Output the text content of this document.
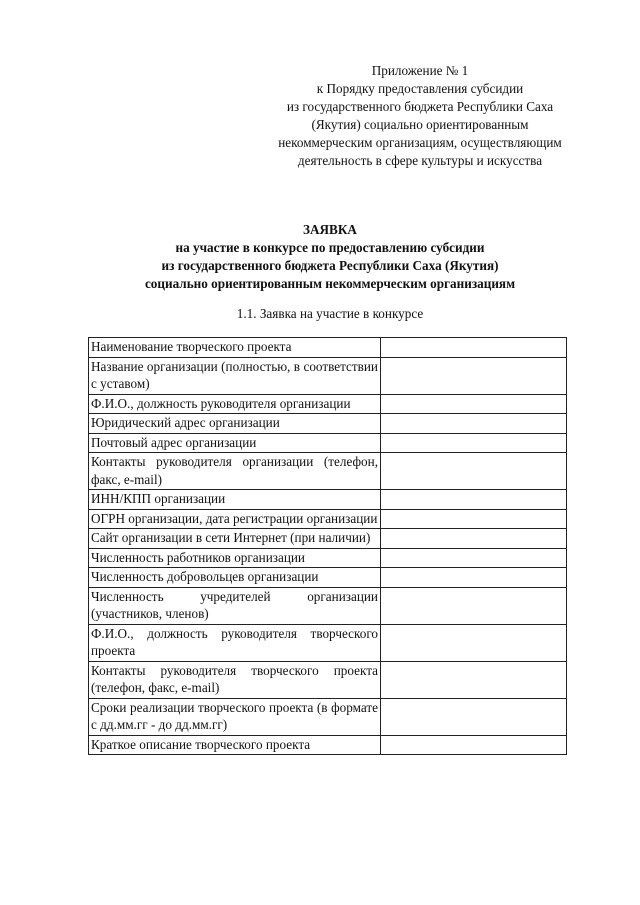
Приложение № 1
к Порядку предоставления субсидии
из государственного бюджета Республики Саха
(Якутия) социально ориентированным
некоммерческим организациям, осуществляющим
деятельность в сфере культуры и искусства
ЗАЯВКА
на участие в конкурсе по предоставлению субсидии
из государственного бюджета Республики Саха (Якутия)
социально ориентированным некоммерческим организациям
1.1. Заявка на участие в конкурсе
Наименование творческого проекта	
Название организации (полностью, в соответствии с уставом)	
Ф.И.О., должность руководителя организации	
Юридический адрес организации	
Почтовый адрес организации	
Контакты руководителя организации (телефон, факс, e-mail)	
ИНН/КПП организации	
ОГРН организации, дата регистрации организации	
Сайт организации в сети Интернет (при наличии)	
Численность работников организации	
Численность добровольцев организации	
Численность учредителей организации (участников, членов)	
Ф.И.О., должность руководителя творческого проекта	
Контакты руководителя творческого проекта (телефон, факс, e-mail)	
Сроки реализации творческого проекта (в формате с дд.мм.гг - до дд.мм.гг)	
Краткое описание творческого проекта	
